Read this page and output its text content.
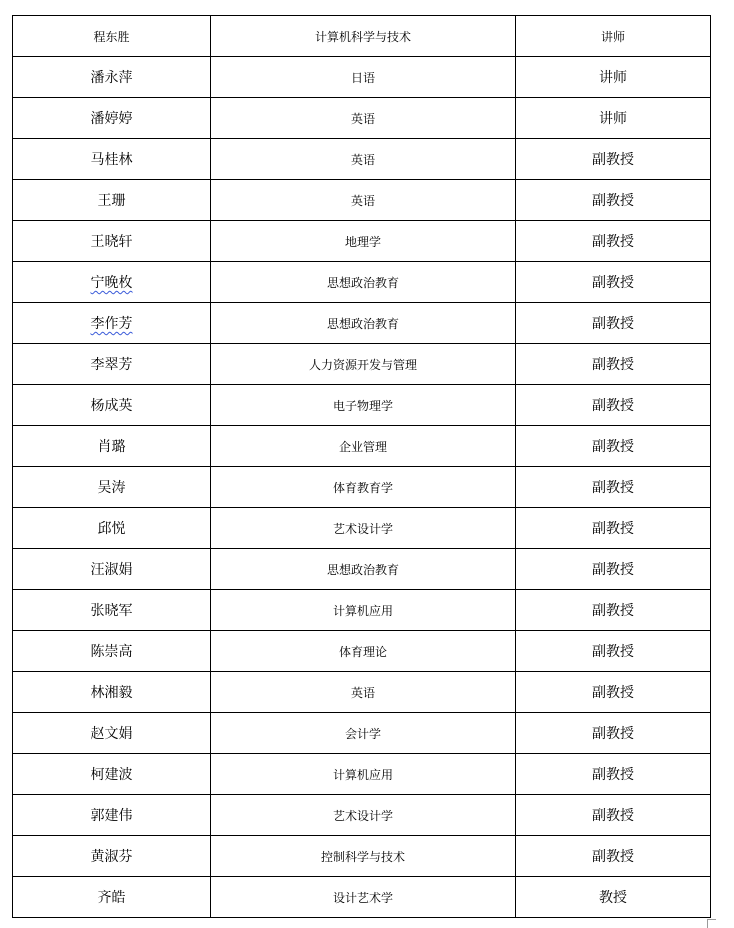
程东胜	计算机科学与技术	讲师
潘永萍	日语	讲师
潘婷婷	英语	讲师
马桂林	英语	副教授
王珊	英语	副教授
王晓轩	地理学	副教授
宁晚枚	思想政治教育	副教授
李作芳	思想政治教育	副教授
李翠芳	人力资源开发与管理	副教授
杨成英	电子物理学	副教授
肖璐	企业管理	副教授
吴涛	体育教育学	副教授
邱悦	艺术设计学	副教授
汪淑娟	思想政治教育	副教授
张晓军	计算机应用	副教授
陈崇高	体育理论	副教授
林湘毅	英语	副教授
赵文娟	会计学	副教授
柯建波	计算机应用	副教授
郭建伟	艺术设计学	副教授
黄淑芬	控制科学与技术	副教授
齐皓	设计艺术学	教授
